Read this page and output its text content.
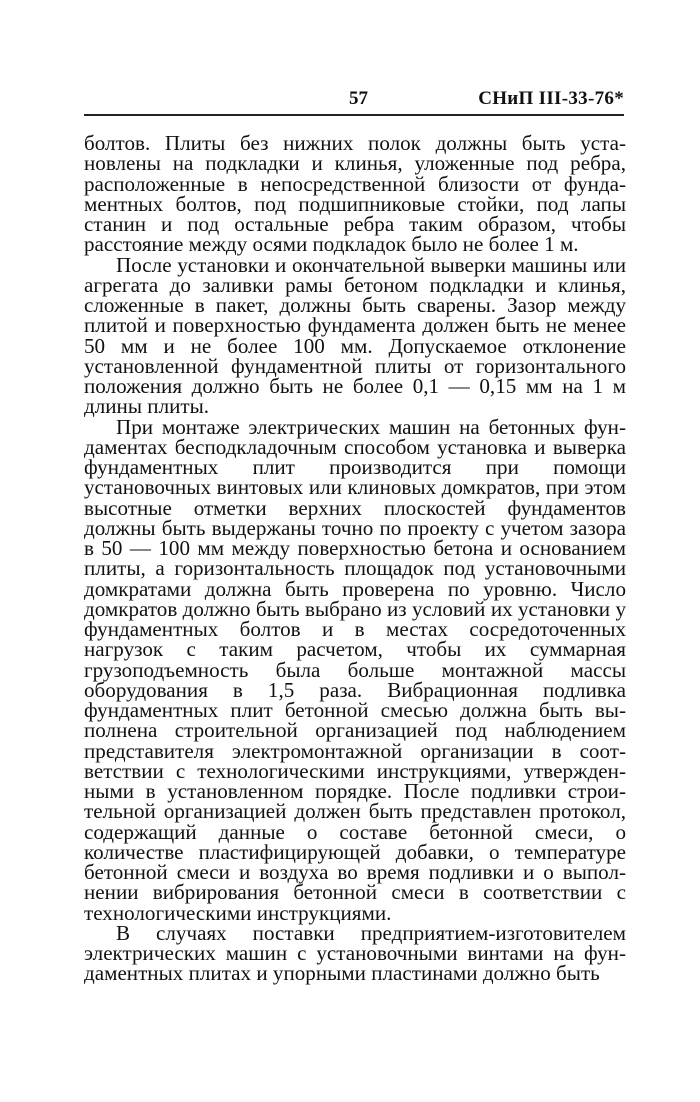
57	СНиП III-33-76*

болтов. Плиты без нижних полок должны быть установлены на подкладки и клинья, уложенные под ребра, расположенные в непосредственной близости от фундаментных болтов, под подшипниковые стойки, под лапы станин и под остальные ребра таким образом, чтобы расстояние между осями подкладок было не более 1 м.

После установки и окончательной выверки машины или агрегата до заливки рамы бетоном подкладки и клинья, сложенные в пакет, должны быть сварены. Зазор между плитой и поверхностью фундамента должен быть не менее 50 мм и не более 100 мм. Допускаемое отклонение установленной фундаментной плиты от горизонтального положения должно быть не более 0,1 — 0,15 мм на 1 м длины плиты.

При монтаже электрических машин на бетонных фундаментах бесподкладочным способом установка и выверка фундаментных плит производится при помощи установочных винтовых или клиновых домкратов, при этом высотные отметки верхних плоскостей фундаментов должны быть выдержаны точно по проекту с учетом зазора в 50 — 100 мм между поверхностью бетона и основанием плиты, а горизонтальность площадок под установочными домкратами должна быть проверена по уровню. Число домкратов должно быть выбрано из условий их установки у фундаментных болтов и в местах сосредоточенных нагрузок с таким расчетом, чтобы их суммарная грузоподъемность была больше монтажной массы оборудования в 1,5 раза. Вибрационная подливка фундаментных плит бетонной смесью должна быть выполнена строительной организацией под наблюдением представителя электромонтажной организации в соответствии с технологическими инструкциями, утвержденными в установленном порядке. После подливки строительной организацией должен быть представлен протокол, содержащий данные о составе бетонной смеси, о количестве пластифицирующей добавки, о температуре бетонной смеси и воздуха во время подливки и о выполнении вибрирования бетонной смеси в соответствии с технологическими инструкциями.

В случаях поставки предприятием-изготовителем электрических машин с установочными винтами на фундаментных плитах и упорными пластинами должно быть
